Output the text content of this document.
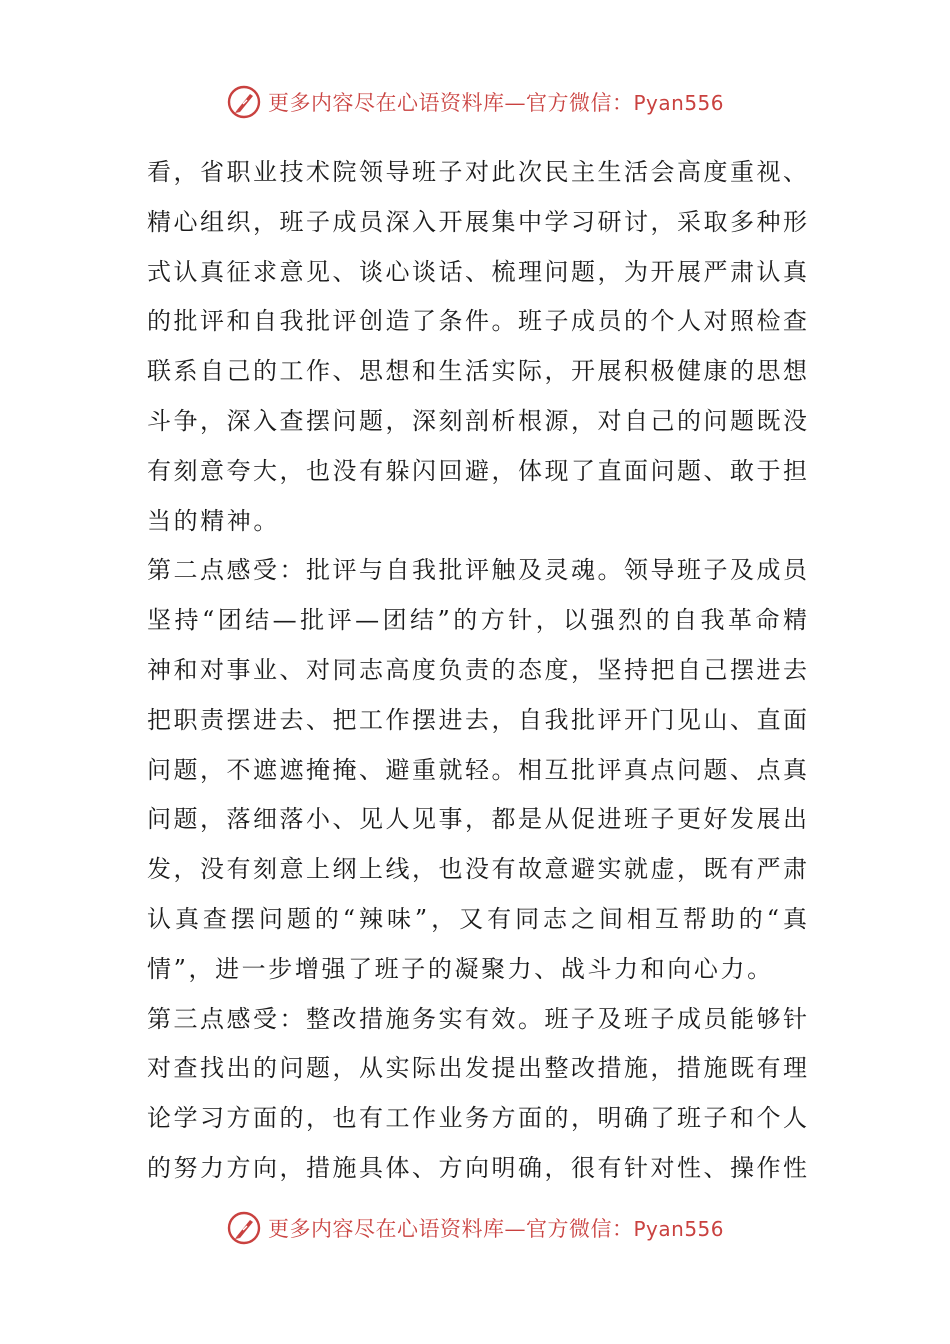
更多内容尽在心语资料库—官方微信：Pyan556
看，省职业技术院领导班子对此次民主生活会高度重视、
精心组织，班子成员深入开展集中学习研讨，采取多种形
式认真征求意见、谈心谈话、梳理问题，为开展严肃认真
的批评和自我批评创造了条件。班子成员的个人对照检查
联系自己的工作、思想和生活实际，开展积极健康的思想
斗争，深入查摆问题，深刻剖析根源，对自己的问题既没
有刻意夸大，也没有躲闪回避，体现了直面问题、敢于担
当的精神。
第二点感受：批评与自我批评触及灵魂。领导班子及成员
坚持“团结—批评—团结”的方针，以强烈的自我革命精
神和对事业、对同志高度负责的态度，坚持把自己摆进去
把职责摆进去、把工作摆进去，自我批评开门见山、直面
问题，不遮遮掩掩、避重就轻。相互批评真点问题、点真
问题，落细落小、见人见事，都是从促进班子更好发展出
发，没有刻意上纲上线，也没有故意避实就虚，既有严肃
认真查摆问题的“辣味”，又有同志之间相互帮助的“真
情”，进一步增强了班子的凝聚力、战斗力和向心力。
第三点感受：整改措施务实有效。班子及班子成员能够针
对查找出的问题，从实际出发提出整改措施，措施既有理
论学习方面的，也有工作业务方面的，明确了班子和个人
的努力方向，措施具体、方向明确，很有针对性、操作性
更多内容尽在心语资料库—官方微信：Pyan556
